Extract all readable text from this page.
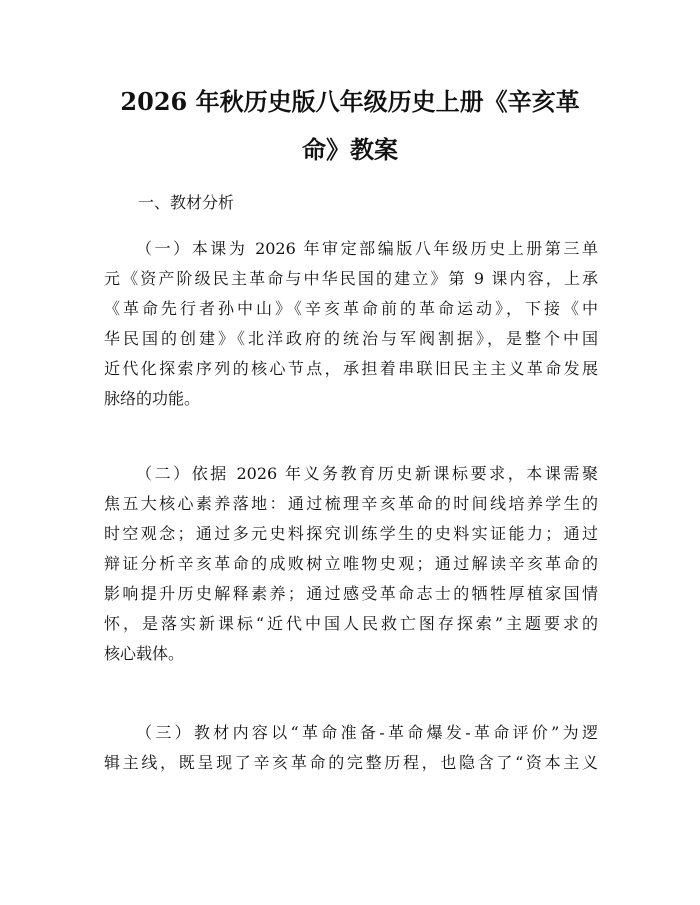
2026 年秋历史版八年级历史上册《辛亥革
命》教案
一、教材分析
（一）本课为 2026 年审定部编版八年级历史上册第三单
元《资产阶级民主革命与中华民国的建立》第 9 课内容，上承
《革命先行者孙中山》《辛亥革命前的革命运动》，下接《中
华民国的创建》《北洋政府的统治与军阀割据》，是整个中国
近代化探索序列的核心节点，承担着串联旧民主主义革命发展
脉络的功能。
（二）依据 2026 年义务教育历史新课标要求，本课需聚
焦五大核心素养落地：通过梳理辛亥革命的时间线培养学生的
时空观念；通过多元史料探究训练学生的史料实证能力；通过
辩证分析辛亥革命的成败树立唯物史观；通过解读辛亥革命的
影响提升历史解释素养；通过感受革命志士的牺牲厚植家国情
怀，是落实新课标“近代中国人民救亡图存探索”主题要求的
核心载体。
（三）教材内容以“革命准备-革命爆发-革命评价”为逻
辑主线，既呈现了辛亥革命的完整历程，也隐含了“资本主义
